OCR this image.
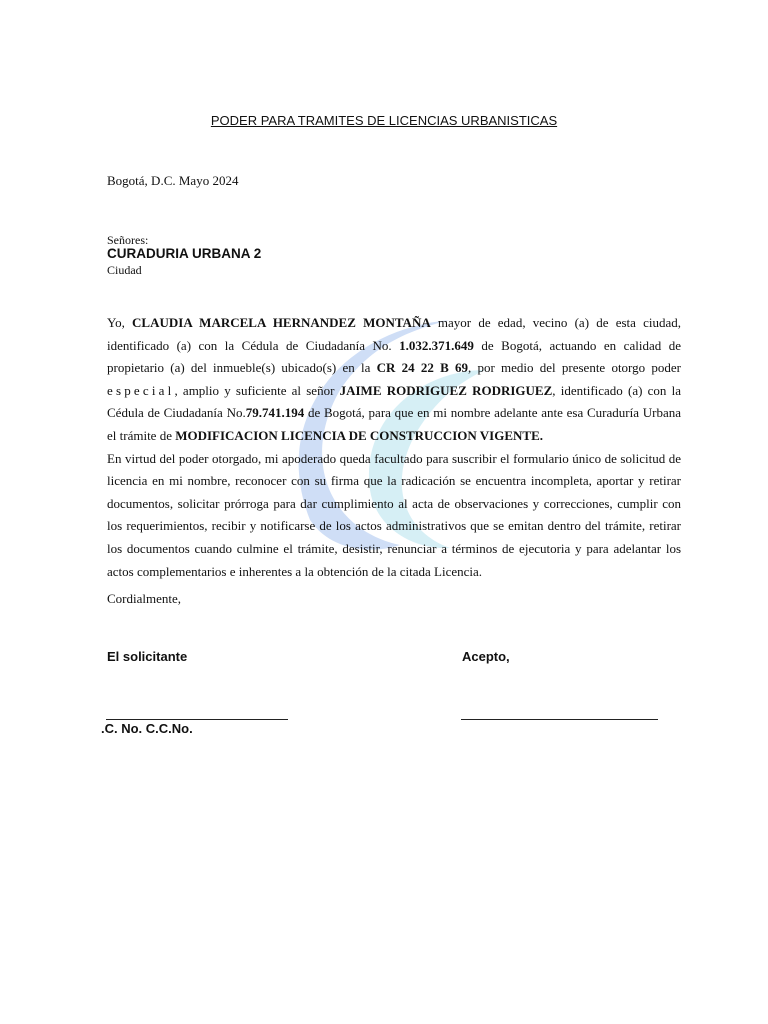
PODER PARA TRAMITES DE LICENCIAS URBANISTICAS
Bogotá, D.C. Mayo 2024
Señores:
CURADURIA URBANA 2
Ciudad

Yo, CLAUDIA MARCELA HERNANDEZ MONTAÑA mayor de edad, vecino (a) de esta ciudad, identificado (a) con la Cédula de Ciudadanía No. 1.032.371.649 de Bogotá, actuando en calidad de propietario (a) del inmueble(s) ubicado(s) en la CR 24 22 B 69, por medio del presente otorgo poder especial, amplio y suficiente al señor JAIME RODRIGUEZ RODRIGUEZ, identificado (a) con la Cédula de Ciudadanía No.79.741.194 de Bogotá, para que en mi nombre adelante ante esa Curaduría Urbana el trámite de MODIFICACION LICENCIA DE CONSTRUCCION VIGENTE.

En virtud del poder otorgado, mi apoderado queda facultado para suscribir el formulario único de solicitud de licencia en mi nombre, reconocer con su firma que la radicación se encuentra incompleta, aportar y retirar documentos, solicitar prórroga para dar cumplimiento al acta de observaciones y correcciones, cumplir con los requerimientos, recibir y notificarse de los actos administrativos que se emitan dentro del trámite, retirar los documentos cuando culmine el trámite, desistir, renunciar a términos de ejecutoria y para adelantar los actos complementarios e inherentes a la obtención de la citada Licencia.

Cordialmente,
El solicitante	Acepto,
.C. No. C.C.No.
